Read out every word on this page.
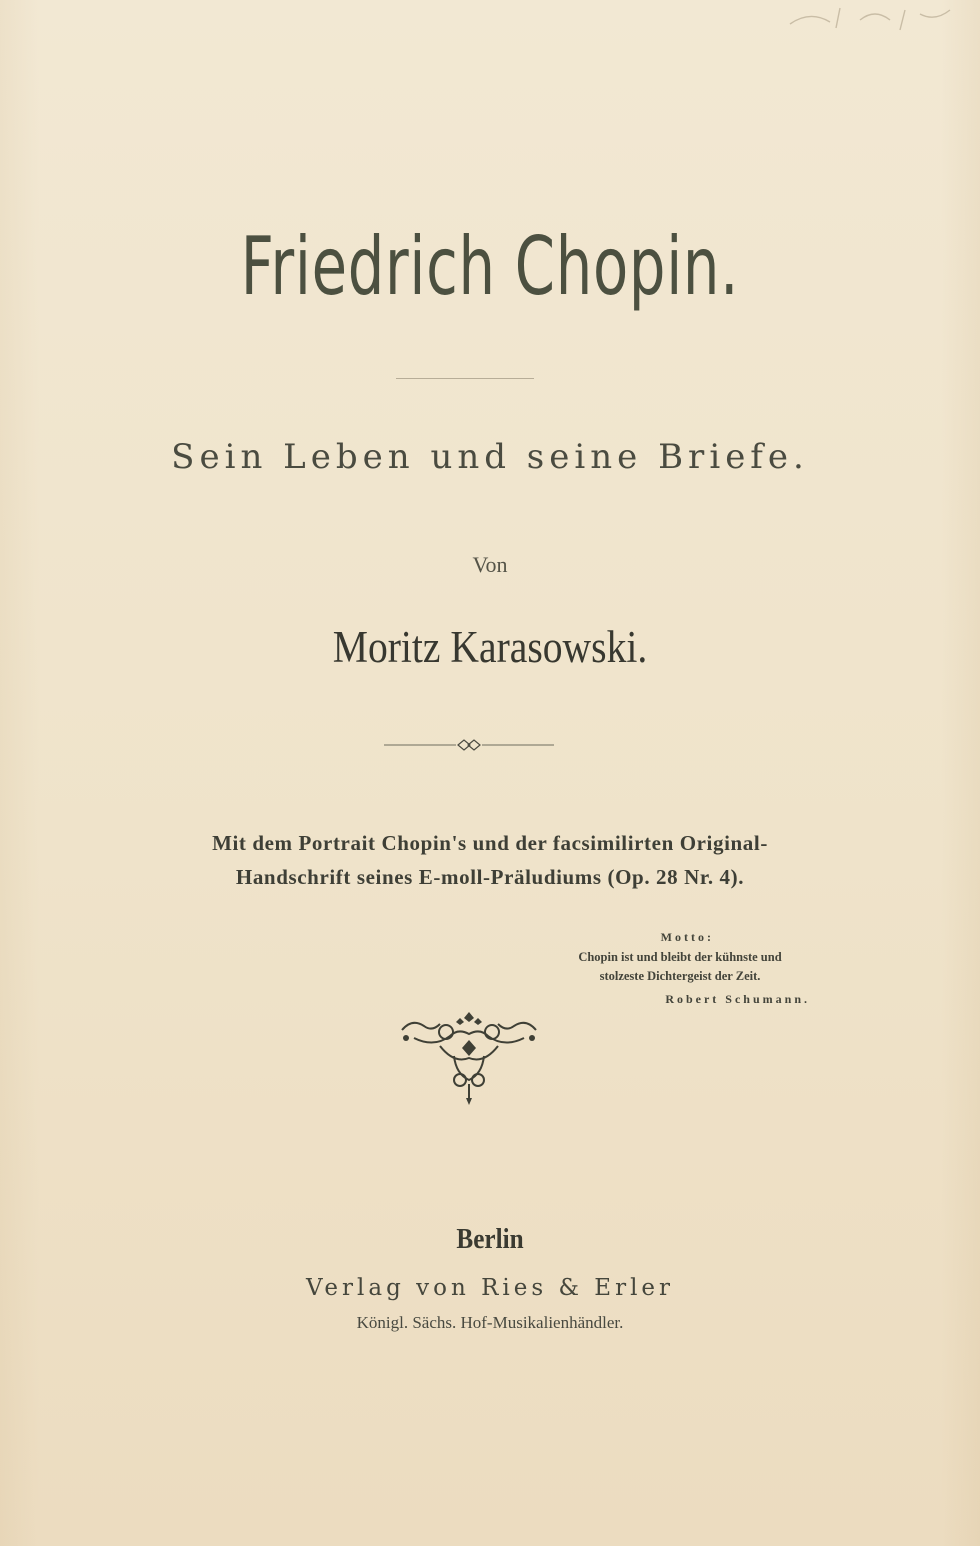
Friedrich Chopin.
Sein Leben und seine Briefe.
Von
Moritz Karasowski.
Mit dem Portrait Chopin's und der facsimilirten Original-
Handschrift seines E-moll-Präludiums (Op. 28 Nr. 4).
Motto:
Chopin ist und bleibt der kühnste und
stolzeste Dichtergeist der Zeit.
Robert Schumann.
Berlin
Verlag von Ries & Erler
Königl. Sächs. Hof-Musikalienhändler.
